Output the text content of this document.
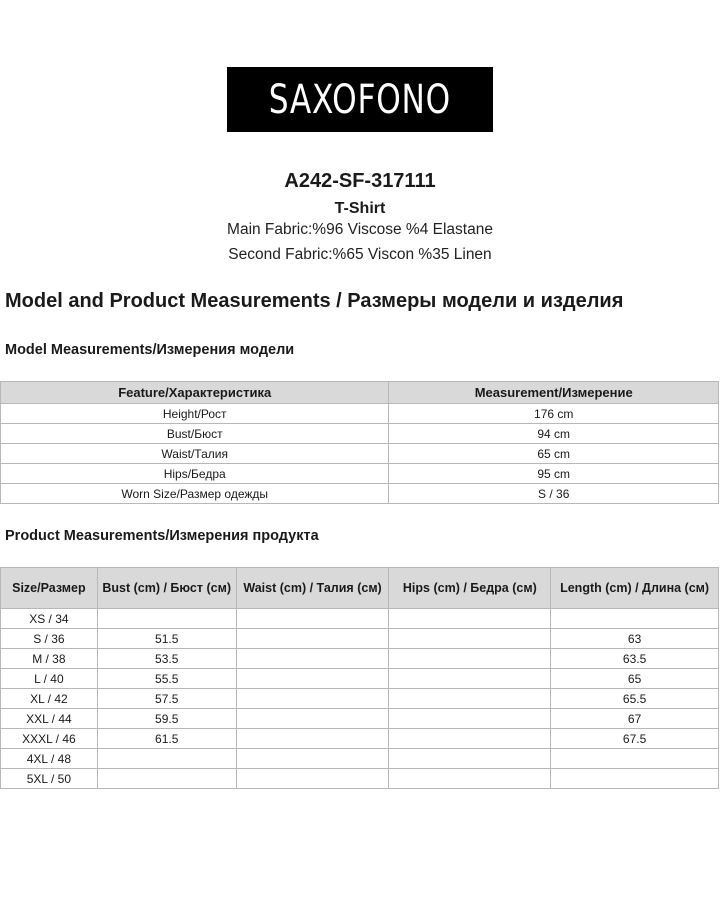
SAXOFONO
A242-SF-317111
T-Shirt
Main Fabric:%96 Viscose %4 Elastane
Second Fabric:%65 Viscon %35 Linen
Model and Product Measurements / Размеры модели и изделия
Model Measurements/Измерения модели
Feature/Характеристика	Measurement/Измерение
Height/Рост	176 cm
Bust/Бюст	94 cm
Waist/Талия	65 cm
Hips/Бедра	95 cm
Worn Size/Размер одежды	S / 36
Product Measurements/Измерения продукта
Size/Размер	Bust (cm) / Бюст (см)	Waist (cm) / Талия (см)	Hips (cm) / Бедра (см)	Length (cm) / Длина (см)
XS / 34				
S / 36	51.5			63
M / 38	53.5			63.5
L / 40	55.5			65
XL / 42	57.5			65.5
XXL / 44	59.5			67
XXXL / 46	61.5			67.5
4XL / 48				
5XL / 50				
